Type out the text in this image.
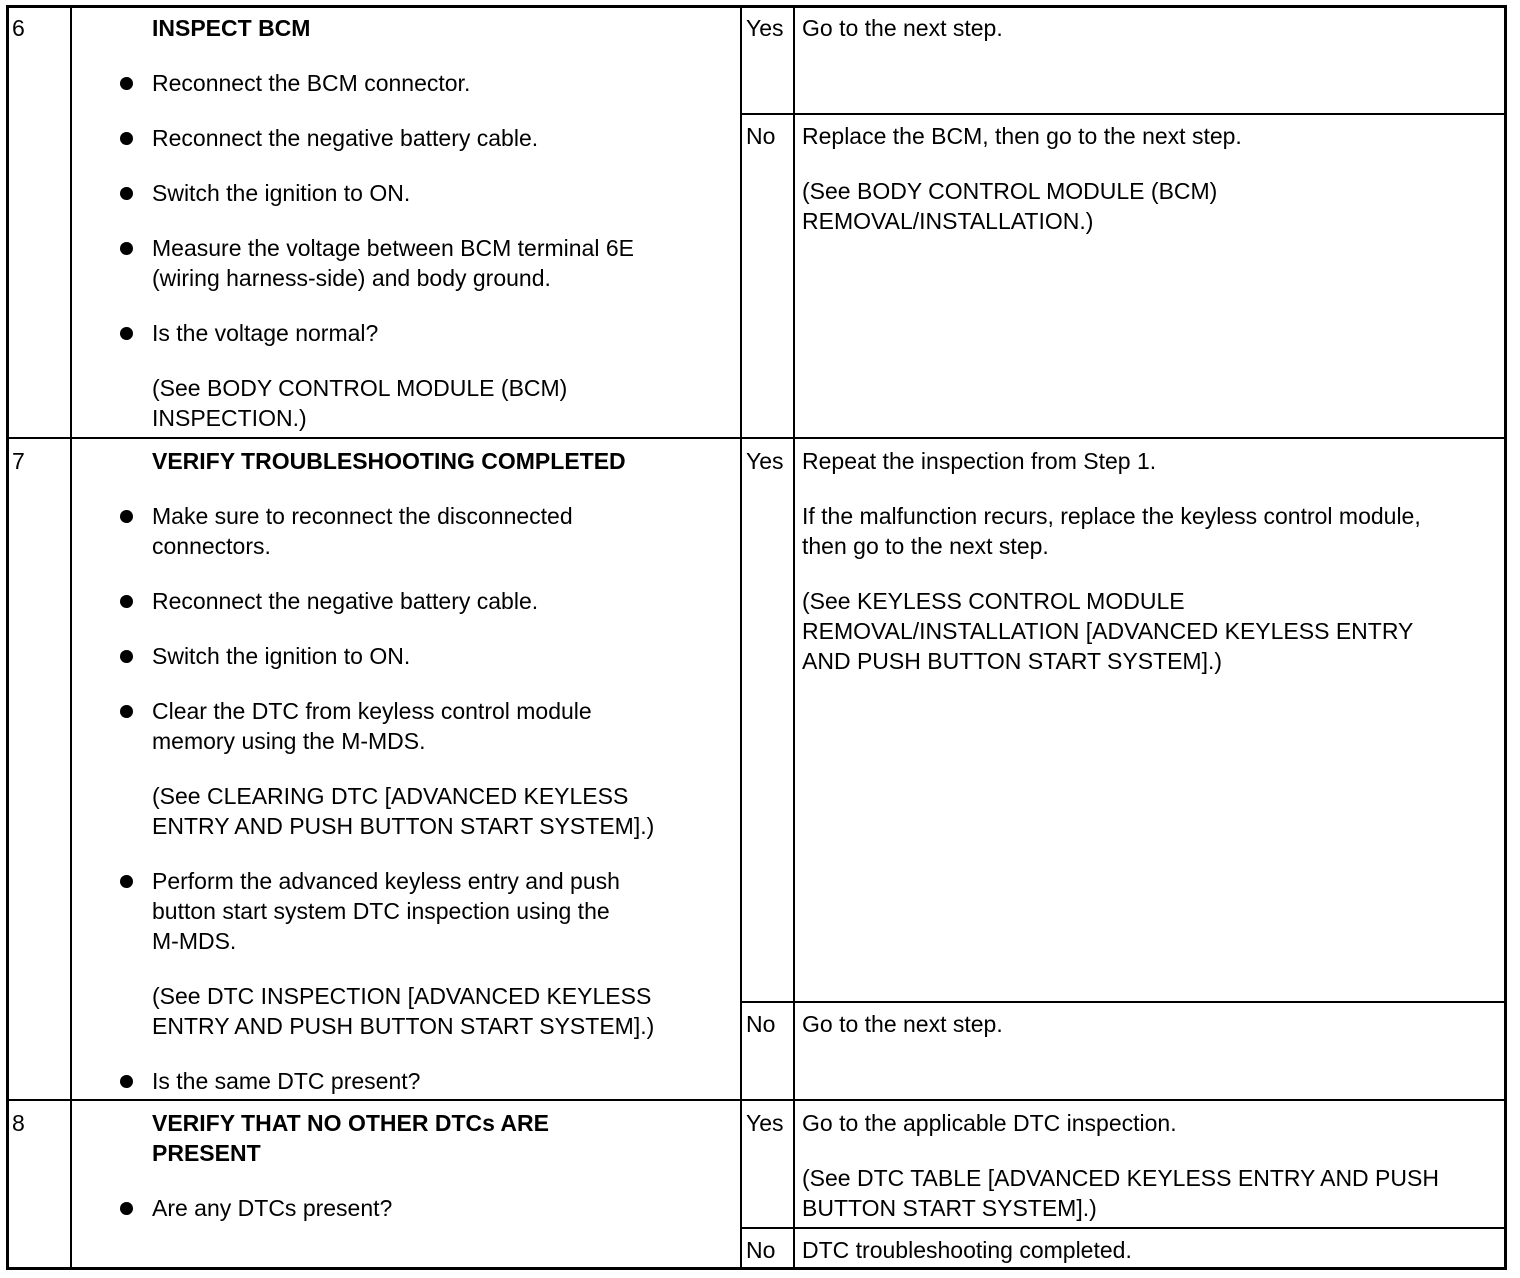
6	INSPECT BCM
Reconnect the BCM connector.
Reconnect the negative battery cable.
Switch the ignition to ON.
Measure the voltage between BCM terminal 6E
(wiring harness-side) and body ground.
Is the voltage normal?
(See BODY CONTROL MODULE (BCM)
INSPECTION.)
Yes Go to the next step.
No Replace the BCM, then go to the next step.
(See BODY CONTROL MODULE (BCM)
REMOVAL/INSTALLATION.)
7	VERIFY TROUBLESHOOTING COMPLETED
Make sure to reconnect the disconnected
connectors.
Reconnect the negative battery cable.
Switch the ignition to ON.
Clear the DTC from keyless control module
memory using the M-MDS.
(See CLEARING DTC [ADVANCED KEYLESS
ENTRY AND PUSH BUTTON START SYSTEM].)
Perform the advanced keyless entry and push
button start system DTC inspection using the
M-MDS.
(See DTC INSPECTION [ADVANCED KEYLESS
ENTRY AND PUSH BUTTON START SYSTEM].)
Is the same DTC present?
Yes Repeat the inspection from Step 1.
If the malfunction recurs, replace the keyless control module,
then go to the next step.
(See KEYLESS CONTROL MODULE
REMOVAL/INSTALLATION [ADVANCED KEYLESS ENTRY
AND PUSH BUTTON START SYSTEM].)
No Go to the next step.
8	VERIFY THAT NO OTHER DTCs ARE
PRESENT
Are any DTCs present?
Yes Go to the applicable DTC inspection.
(See DTC TABLE [ADVANCED KEYLESS ENTRY AND PUSH
BUTTON START SYSTEM].)
No DTC troubleshooting completed.
